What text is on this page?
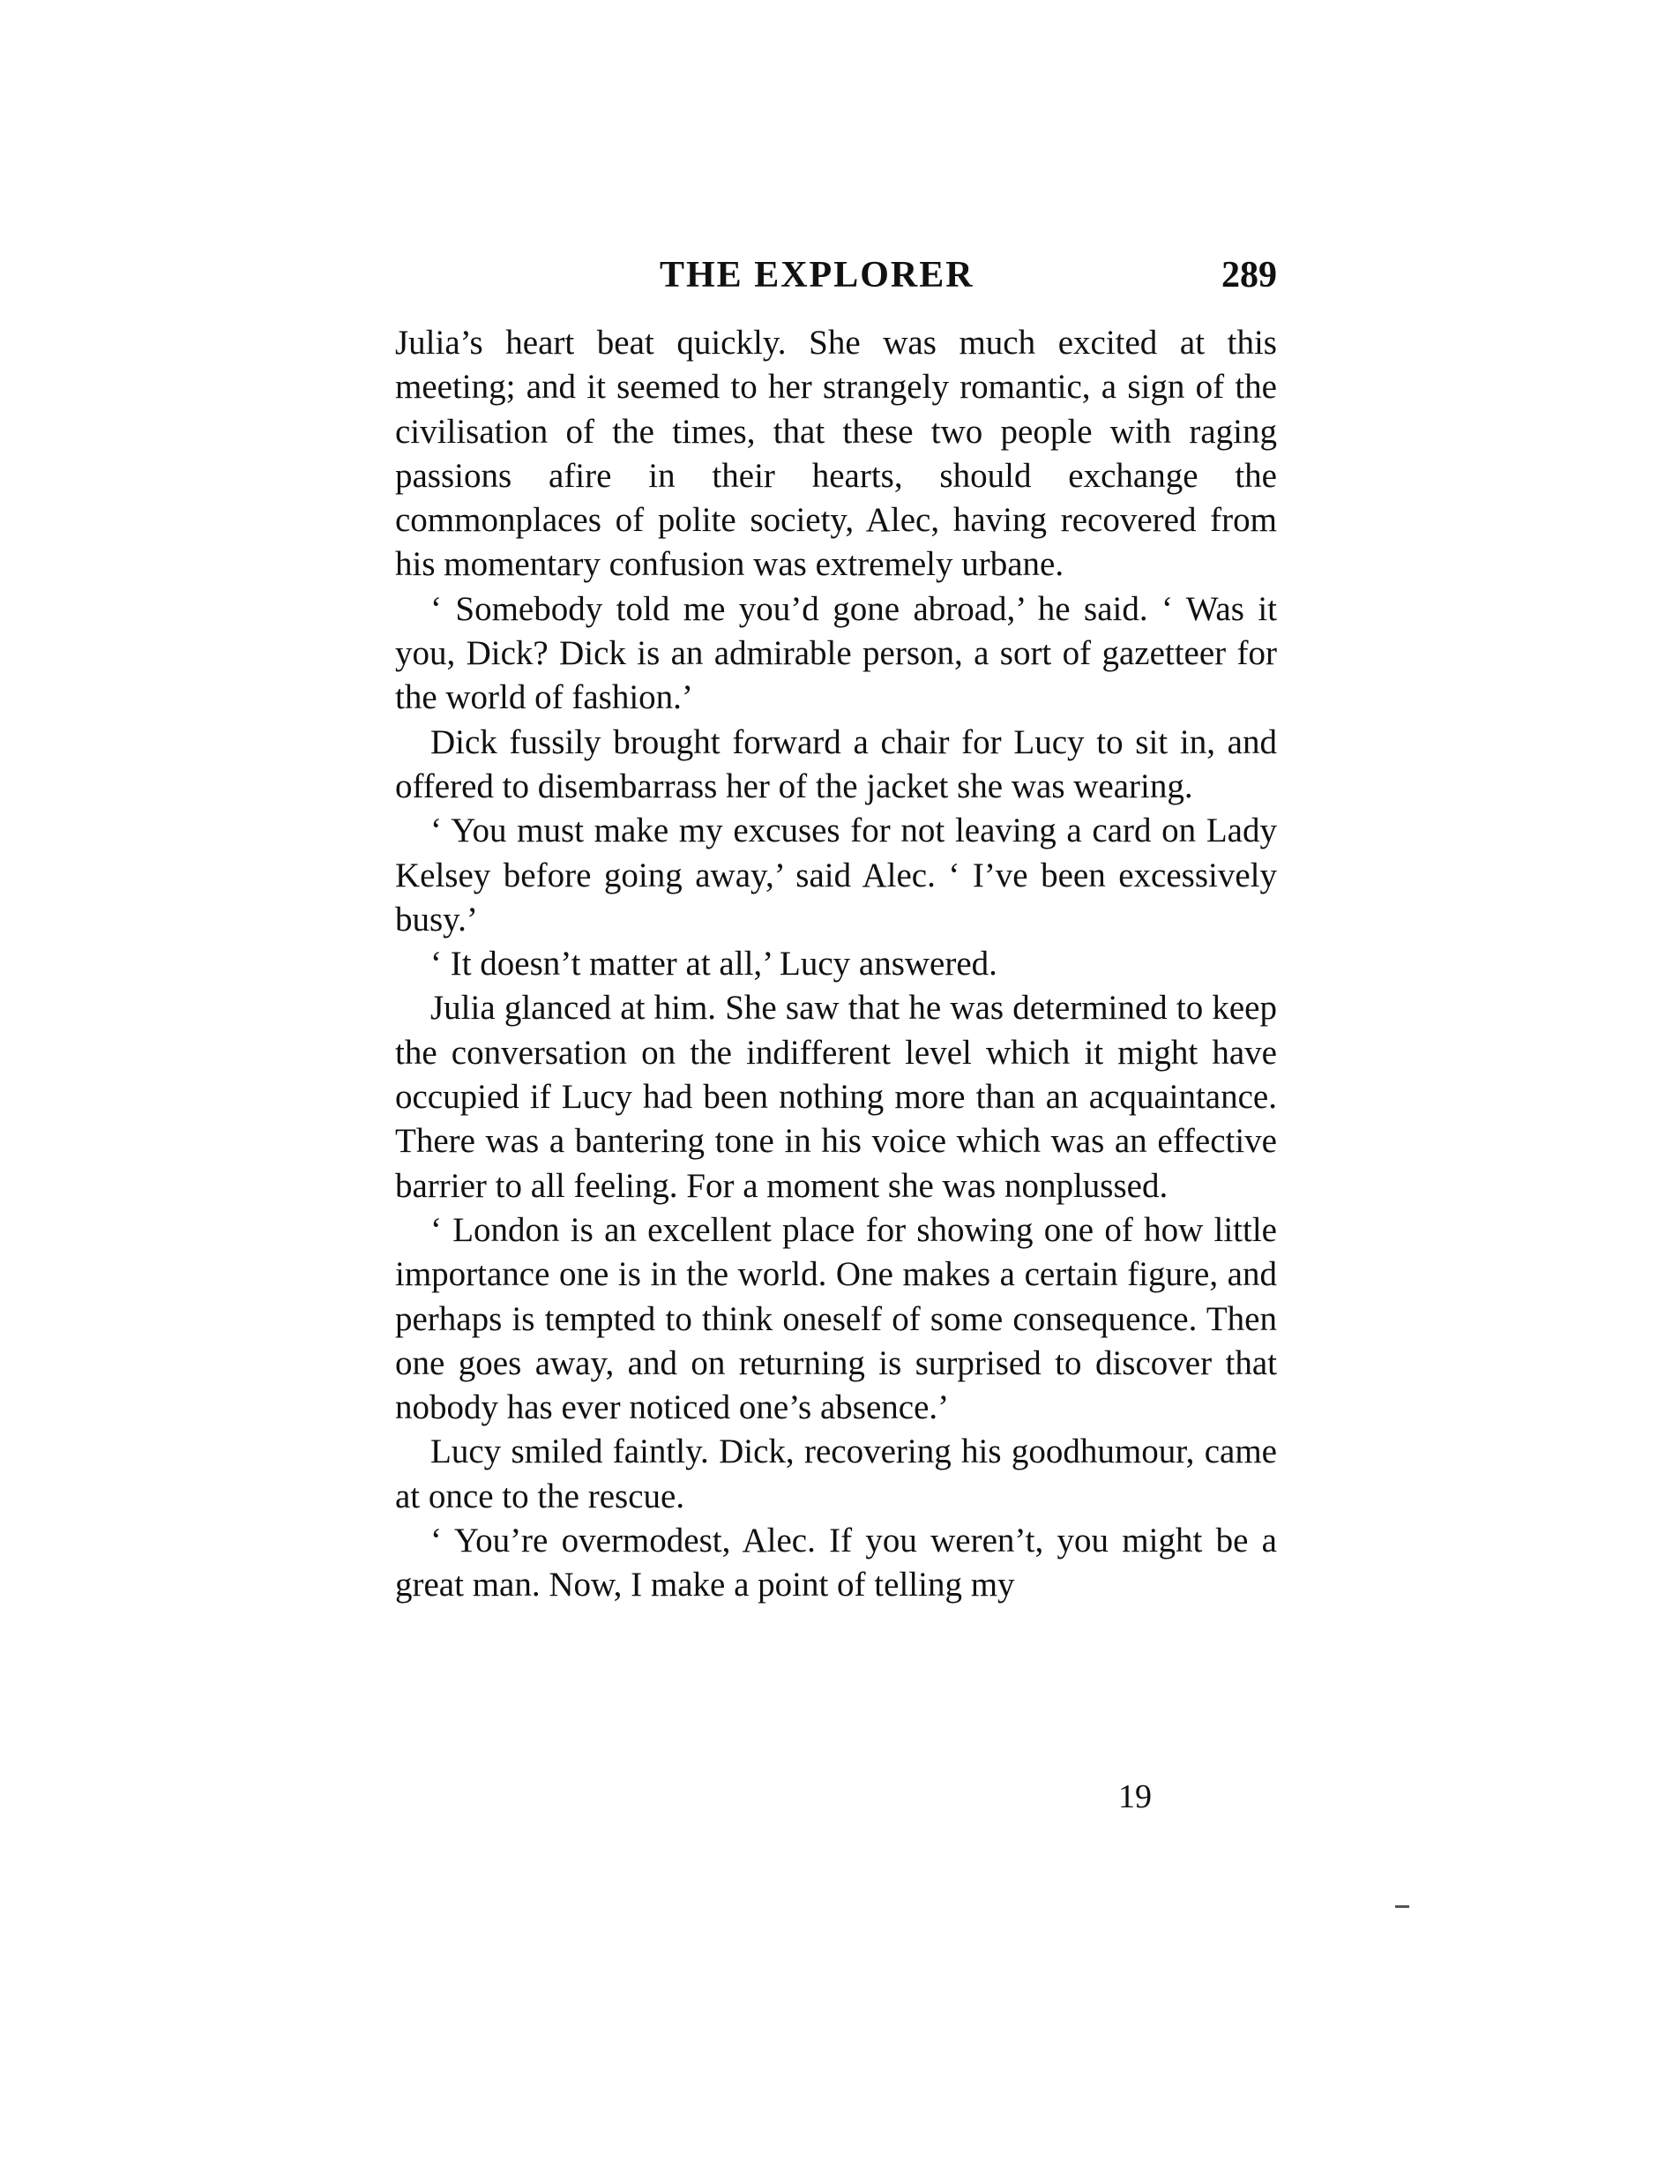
THE EXPLORER	289

Julia’s heart beat quickly. She was much excited at this meeting; and it seemed to her strangely romantic, a sign of the civilisation of the times, that these two people with raging passions afire in their hearts, should exchange the commonplaces of polite society, Alec, having recovered from his momentary confusion was extremely urbane.

‘ Somebody told me you’d gone abroad,’ he said. ‘ Was it you, Dick? Dick is an admirable person, a sort of gazetteer for the world of fashion.’

Dick fussily brought forward a chair for Lucy to sit in, and offered to disembarrass her of the jacket she was wearing.

‘ You must make my excuses for not leaving a card on Lady Kelsey before going away,’ said Alec. ‘ I’ve been excessively busy.’

‘ It doesn’t matter at all,’ Lucy answered.

Julia glanced at him. She saw that he was determined to keep the conversation on the indifferent level which it might have occupied if Lucy had been nothing more than an acquaintance. There was a bantering tone in his voice which was an effective barrier to all feeling. For a moment she was nonplussed.

‘ London is an excellent place for showing one of how little importance one is in the world. One makes a certain figure, and perhaps is tempted to think oneself of some consequence. Then one goes away, and on returning is surprised to discover that nobody has ever noticed one’s absence.’

Lucy smiled faintly. Dick, recovering his goodhumour, came at once to the rescue.

‘ You’re overmodest, Alec. If you weren’t, you might be a great man. Now, I make a point of telling my

19
